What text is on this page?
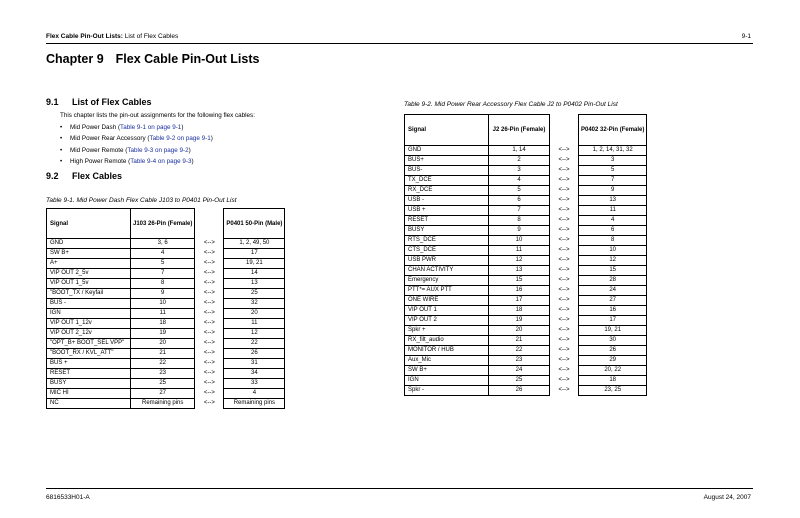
Flex Cable Pin-Out Lists: List of Flex Cables	9-1
Chapter 9 Flex Cable Pin-Out Lists
9.1 List of Flex Cables
This chapter lists the pin-out assignments for the following flex cables:
• Mid Power Dash (Table 9-1 on page 9-1)
• Mid Power Rear Accessory (Table 9-2 on page 9-1)
• Mid Power Remote (Table 9-3 on page 9-2)
• High Power Remote (Table 9-4 on page 9-3)
9.2 Flex Cables
Table 9-1. Mid Power Dash Flex Cable J103 to P0401 Pin-Out List
Signal	J103 26-Pin (Female)		P0401 50-Pin (Male)
GND	3, 6	<-->	1, 2, 49, 50
SW B+	4	<-->	17
A+	5	<-->	19, 21
VIP OUT 2_5v	7	<-->	14
VIP OUT 1_5v	8	<-->	13
"BOOT_TX / Keyfail	9	<-->	25
BUS -	10	<-->	32
IGN	11	<-->	20
VIP OUT 1_12v	18	<-->	11
VIP OUT 2_12v	19	<-->	12
"OPT_B+ BOOT_SEL VPP"	20	<-->	22
"BOOT_RX / KVL_ATT"	21	<-->	26
BUS +	22	<-->	31
RESET	23	<-->	34
BUSY	25	<-->	33
MIC HI	27	<-->	4
NC	Remaining pins	<-->	Remaining pins
Table 9-2. Mid Power Rear Accessory Flex Cable J2 to P0402 Pin-Out List
Signal	J2 26-Pin (Female)		P0402 32-Pin (Female)
GND	1, 14	<-->	1, 2, 14, 31, 32
BUS+	2	<-->	3
BUS-	3	<-->	5
TX_DCE	4	<-->	7
RX_DCE	5	<-->	9
USB -	6	<-->	13
USB +	7	<-->	11
RESET	8	<-->	4
BUSY	9	<-->	6
RTS_DCE	10	<-->	8
CTS_DCE	11	<-->	10
USB PWR	12	<-->	12
CHAN ACTIVITY	13	<-->	15
Emergency	15	<-->	28
PTT*= AUX PTT	16	<-->	24
ONE WIRE	17	<-->	27
VIP OUT 1	18	<-->	16
VIP OUT 2	19	<-->	17
Spkr +	20	<-->	19, 21
RX_filt_audio	21	<-->	30
MONITOR / HUB	22	<-->	26
Aux_Mic	23	<-->	29
SW B+	24	<-->	20, 22
IGN	25	<-->	18
Spkr -	26	<-->	23, 25
6816533H01-A	August 24, 2007
